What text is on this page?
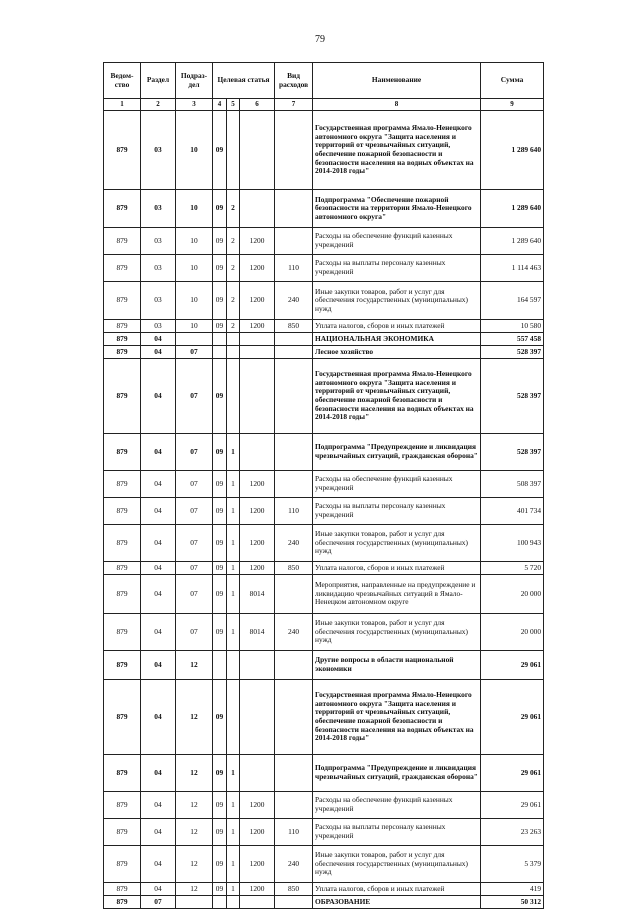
79
Ведом-ство	Раздел	Подраз-дел	Целевая статья			Вид расходов	Наименование	Сумма
1	2	3	4	5	6	7	8	9
879	03	10	09				Государственная программа Ямало-Ненецкого автономного округа "Защита населения и территорий от чрезвычайных ситуаций, обеспечение пожарной безопасности и безопасности населения на водных объектах на 2014-2018 годы"	1 289 640
879	03	10	09	2			Подпрограмма "Обеспечение пожарной безопасности на территории Ямало-Ненецкого автономного округа"	1 289 640
879	03	10	09	2	1200		Расходы на обеспечение функций казенных учреждений	1 289 640
879	03	10	09	2	1200	110	Расходы на выплаты персоналу казенных учреждений	1 114 463
879	03	10	09	2	1200	240	Иные закупки товаров, работ и услуг для обеспечения государственных (муниципальных) нужд	164 597
879	03	10	09	2	1200	850	Уплата налогов, сборов и иных платежей	10 580
879	04						НАЦИОНАЛЬНАЯ ЭКОНОМИКА	557 458
879	04	07					Лесное хозяйство	528 397
879	04	07	09				Государственная программа Ямало-Ненецкого автономного округа "Защита населения и территорий от чрезвычайных ситуаций, обеспечение пожарной безопасности и безопасности населения на водных объектах на 2014-2018 годы"	528 397
879	04	07	09	1			Подпрограмма "Предупреждение и ликвидация чрезвычайных ситуаций, гражданская оборона"	528 397
879	04	07	09	1	1200		Расходы на обеспечение функций казенных учреждений	508 397
879	04	07	09	1	1200	110	Расходы на выплаты персоналу казенных учреждений	401 734
879	04	07	09	1	1200	240	Иные закупки товаров, работ и услуг для обеспечения государственных (муниципальных) нужд	100 943
879	04	07	09	1	1200	850	Уплата налогов, сборов и иных платежей	5 720
879	04	07	09	1	8014		Мероприятия, направленные на предупреждение и ликвидацию чрезвычайных ситуаций в Ямало-Ненецком автономном округе	20 000
879	04	07	09	1	8014	240	Иные закупки товаров, работ и услуг для обеспечения государственных (муниципальных) нужд	20 000
879	04	12					Другие вопросы в области национальной экономики	29 061
879	04	12	09				Государственная программа Ямало-Ненецкого автономного округа "Защита населения и территорий от чрезвычайных ситуаций, обеспечение пожарной безопасности и безопасности населения на водных объектах на 2014-2018 годы"	29 061
879	04	12	09	1			Подпрограмма "Предупреждение и ликвидация чрезвычайных ситуаций, гражданская оборона"	29 061
879	04	12	09	1	1200		Расходы на обеспечение функций казенных учреждений	29 061
879	04	12	09	1	1200	110	Расходы на выплаты персоналу казенных учреждений	23 263
879	04	12	09	1	1200	240	Иные закупки товаров, работ и услуг для обеспечения государственных (муниципальных) нужд	5 379
879	04	12	09	1	1200	850	Уплата налогов, сборов и иных платежей	419
879	07						ОБРАЗОВАНИЕ	50 312
